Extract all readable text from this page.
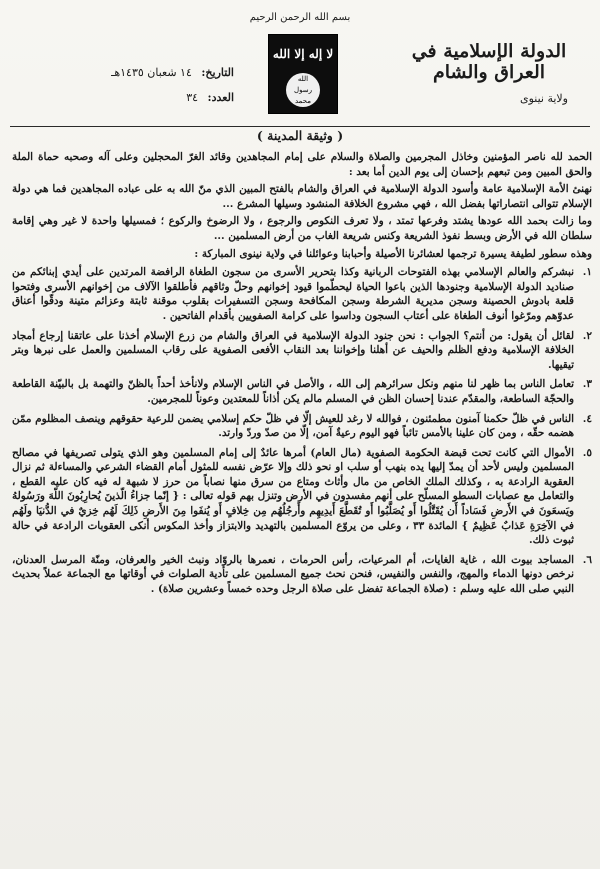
بسم الله الرحمن الرحيم
الدولة الإسلامية في العراق والشام
ولاية نينوى
لا إله إلا الله
الله
رسول
محمد
التاريخ: ١٤ شعبان ١٤٣٥هـ
العدد: ٣٤
( وثيقة المدينة )

الحمد لله ناصر المؤمنين وخاذل المجرمين والصلاة والسلام على إمام المجاهدين وقائد الغرّ المحجلين وعلى آله وصحبه حماة الملة والحق المبين ومن تبعهم بإحسان إلى يوم الدين أما بعد :

نهنئ الأمة الإسلامية عامة وأسود الدولة الإسلامية في العراق والشام بالفتح المبين الذي منّ الله به على عباده المجاهدين فما هي دولة الإسلام تتوالى انتصاراتها بفضل الله ، فهي مشروع الخلافة المنشود وسيلها المشرع ...

وما زالت بحمد الله عودها يشتد وفرعها تمتد ، ولا تعرف النكوص والرجوع ، ولا الرضوخ والركوع ؛ فمسيلها واحدة لا غير وهي إقامة سلطان الله في الأرض وبسط نفوذ الشريعة وكنس شريعة الغاب من أرض المسلمين ...

وهذه سطور لطيفة يسيرة ترجمها لعشائرنا الأصيلة وأحبابنا وعوائلنا في ولاية نينوى المباركة :

١.
نبشركم والعالم الإسلامي بهذه الفتوحات الربانية وكذا بتحرير الأسرى من سجون الطغاة الرافضة المرتدين على أيدي إبنائكم من صناديد الدولة الإسلامية وجنودها الذين باعوا الحياة ليحطّموا قيود إخوانهم وحلّ وثاقهم فأطلقوا الآلاف من إخوانهم الأسرى وفتحوا قلعة بادوش الحصينة وسجن مديرية الشرطة وسجن المكافحة وسجن التسفيرات بقلوب موقنة ثابتة وعزائم متينة ودقّوا أعناق عدوّهم ومرّغوا أنوف الطغاة على أعتاب السجون وداسوا على كرامة الصفويين بأقدام الفاتحين .
٢.
لقائل أن يقول: من أنتم؟ الجواب : نحن جنود الدولة الإسلامية في العراق والشام من زرع الإسلام أخذنا على عاتقنا إرجاع أمجاد الخلافة الإسلامية ودفع الظلم والحيف عن أهلنا وإخواننا بعد النقاب الأفعى الصفوية على رقاب المسلمين والعمل على نبرها وبتر تيقيها.
٣.
تعامل الناس بما ظهر لنا منهم ونكل سرائرهم إلى الله ، والأصل في الناس الإسلام ولانأخذ أحداً بالظنّ والتهمة بل بالبيّنة القاطعة والحجّة الساطعة، والمقدّم عندنا إحسان الظن في المسلم مالم يكن أذاناً للمعتدين وعوناً للمجرمين.
٤.
الناس في ظلّ حكمنا آمنون مطمئنون ، فوالله لا رغد للعيش إلّا في ظلّ حكم إسلامي يضمن للرعية حقوقهم وينصف المظلوم ممّن هضمه حقّه ، ومن كان علينا بالأمس تائباً فهو اليوم رعيةٌ آمن، إلّا من صدّ وردّ وارتد.
٥.
الأموال التي كانت تحت قبضة الحكومة الصفوية (مال العام) أمرها عائدٌ إلى إمام المسلمين وهو الذي يتولى تصريفها في مصالح المسلمين وليس لأحد أن يمدّ إليها يده بنهب أو سلب او نحو ذلك وإلا عرّض نفسه للمثول أمام القضاء الشرعي والمساءلة ثم نزال العقوبة الرادعة به ، وكذلك الملك الخاص من مال وأثاث ومتاع من سرق منها نصاباً من حرز لا شبهة له فيه كان عليه القطع ، والتعامل مع عصابات السطو المسلّح على أنهم مفسدون في الأرض وتنزل بهم قوله تعالى : { إنّما جزاءُ الّذينَ يُحارِبُونَ اللّهَ ورَسُولهُ ويَسعَونَ في الأَرضِ فَسَاداً أَن يُقَتَّلُوا أَو يُصَلَّبُوا أَو تُقَطَّعَ أَيدِيهِم وأَرجُلُهُم مِن خِلافٍ أَو يُنفَوا مِنَ الأَرضِ ذَلِكَ لَهُم خِزيٌ في الدُّنيَا ولَهُم في الآخِرَةِ عَذابٌ عَظِيمٌ } المائدة ٣٣ ، وعلى من يروّع المسلمين بالتهديد والابتزاز وأخذ المكوس أنكى العقوبات الرادعة في حالة ثبوت ذلك.
٦.
المساجد بيوت الله ، غاية الغايات، أم المرعيات، رأس الحرمات ، نعمرها بالروّاد ونبث الخير والعرفان، ومنّة المرسل العدنان، نرخص دونها الدماء والمهج، والنفس والنفيس، فنحن نحث جميع المسلمين على تأدية الصلوات في أوقاتها مع الجماعة عملاً بحديث النبي صلى الله عليه وسلم : (صلاة الجماعة تفضل على صلاة الرجل وحده خمساً وعشرين صلاة) .
